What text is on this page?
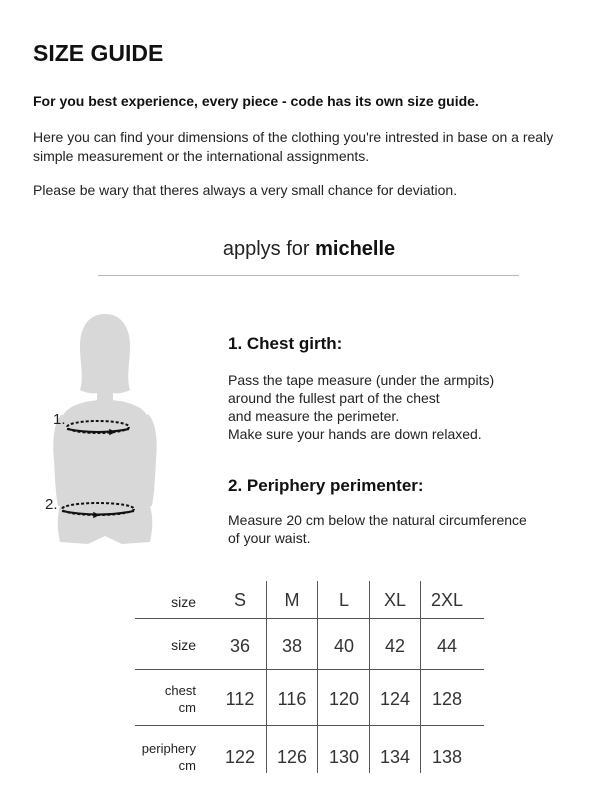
SIZE GUIDE
For you best experience, every piece - code has its own size guide.
Here you can find your dimensions of the clothing you're intrested in base on a realy simple measurement or the international assignments.
Please be wary that theres always a very small chance for deviation.
applys for michelle
1.
2.
1. Chest girth:
Pass the tape measure (under the armpits)
around the fullest part of the chest
and measure the perimeter.
Make sure your hands are down relaxed.
2. Periphery perimenter:
Measure 20 cm below the natural circumference
of your waist.
size	S	M	L	XL	2XL
size	36	38	40	42	44
chest
cm	112	116	120	124	128
periphery
cm	122	126	130	134	138
